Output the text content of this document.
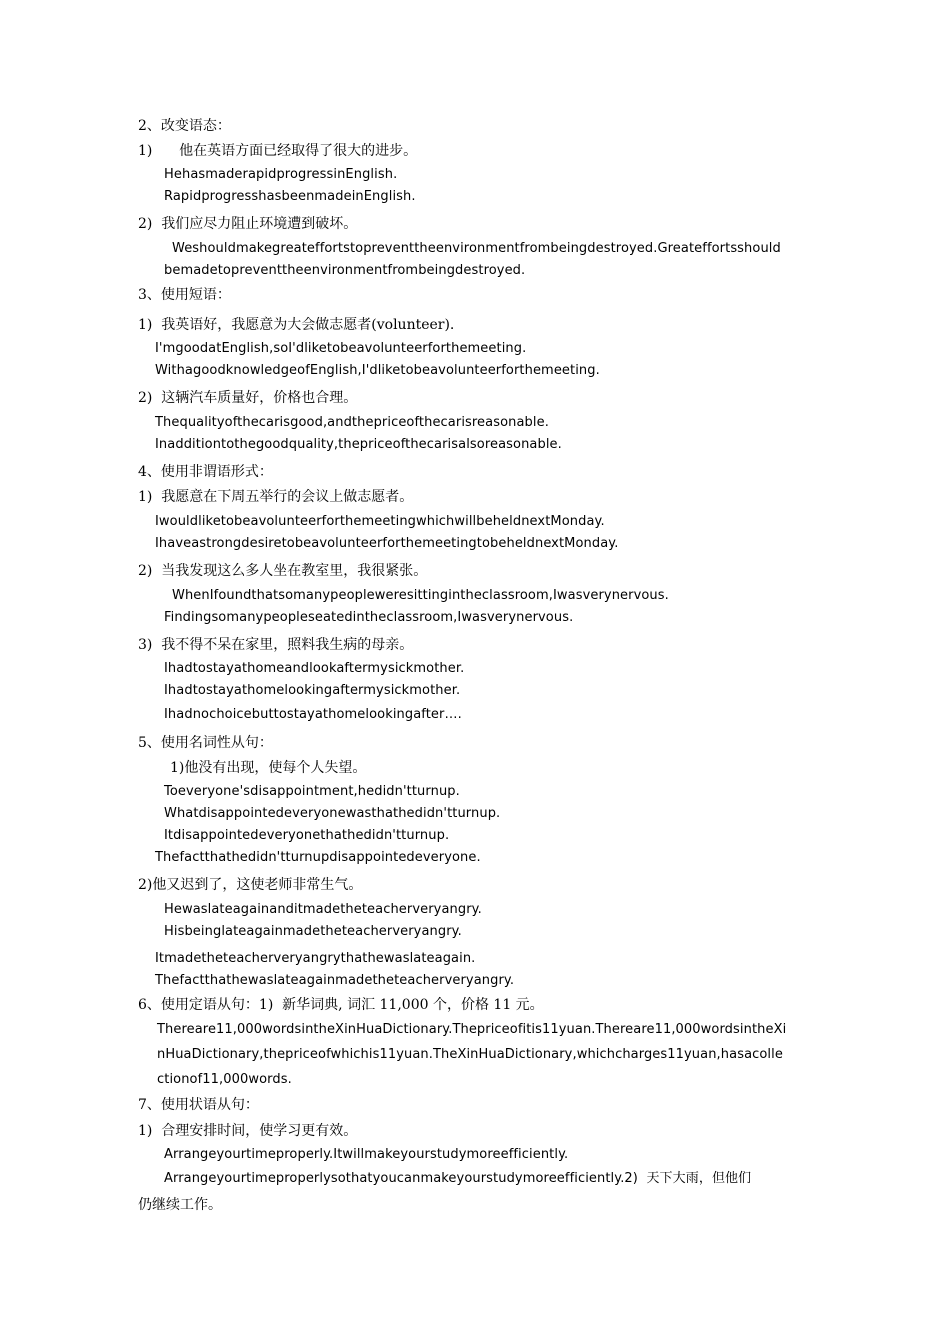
2、改变语态：
1)      他在英语方面已经取得了很大的进步。
HehasmaderapidprogressinEnglish.
RapidprogresshasbeenmadeinEnglish.
2)  我们应尽力阻止环境遭到破坏。
Weshouldmakegreateffortstopreventtheenvironmentfrombeingdestroyed.Greateffortsshould
bemadetopreventtheenvironmentfrombeingdestroyed.
3、使用短语：
1)  我英语好，我愿意为大会做志愿者(volunteer).
I'mgoodatEnglish,soI'dliketobeavolunteerforthemeeting.
WithagoodknowledgeofEnglish,I'dliketobeavolunteerforthemeeting.
2)  这辆汽车质量好，价格也合理。
Thequalityofthecarisgood,andthepriceofthecarisreasonable.
Inadditiontothegoodquality,thepriceofthecarisalsoreasonable.
4、使用非谓语形式：
1)  我愿意在下周五举行的会议上做志愿者。
IwouldliketobeavolunteerforthemeetingwhichwillbeheldnextMonday.
IhaveastrongdesiretobeavolunteerforthemeetingtobeheldnextMonday.
2)  当我发现这么多人坐在教室里，我很紧张。
WhenIfoundthatsomanypeopleweresittingintheclassroom,Iwasverynervous.
Findingsomanypeopleseatedintheclassroom,Iwasverynervous.
3)  我不得不呆在家里，照料我生病的母亲。
Ihadtostayathomeandlookaftermysickmother.
Ihadtostayathomelookingaftermysickmother.
Ihadnochoicebuttostayathomelookingafter….
5、使用名词性从句：
1)他没有出现，使每个人失望。
Toeveryone'sdisappointment,hedidn'tturnup.
Whatdisappointedeveryonewasthathedidn'tturnup.
Itdisappointedeveryonethathedidn'tturnup.
Thefactthathedidn'tturnupdisappointedeveryone.
2)他又迟到了，这使老师非常生气。
Hewaslateagainanditmadetheteacherveryangry.
Hisbeinglateagainmadetheteacherveryangry.
Itmadetheteacherveryangrythathewaslateagain.
Thefactthathewaslateagainmadetheteacherveryangry.
6、使用定语从句：1)  新华词典, 词汇 11,000 个，价格 11 元。
Thereare11,000wordsintheXinHuaDictionary.Thepriceofitis11yuan.Thereare11,000wordsintheXi
nHuaDictionary,thepriceofwhichis11yuan.TheXinHuaDictionary,whichcharges11yuan,hasacolle
ctionof11,000words.
7、使用状语从句：
1)  合理安排时间，使学习更有效。
Arrangeyourtimeproperly.Itwillmakeyourstudymoreefficiently.
Arrangeyourtimeproperlysothatyoucanmakeyourstudymoreefficiently.2)  天下大雨，但他们
仍继续工作。
